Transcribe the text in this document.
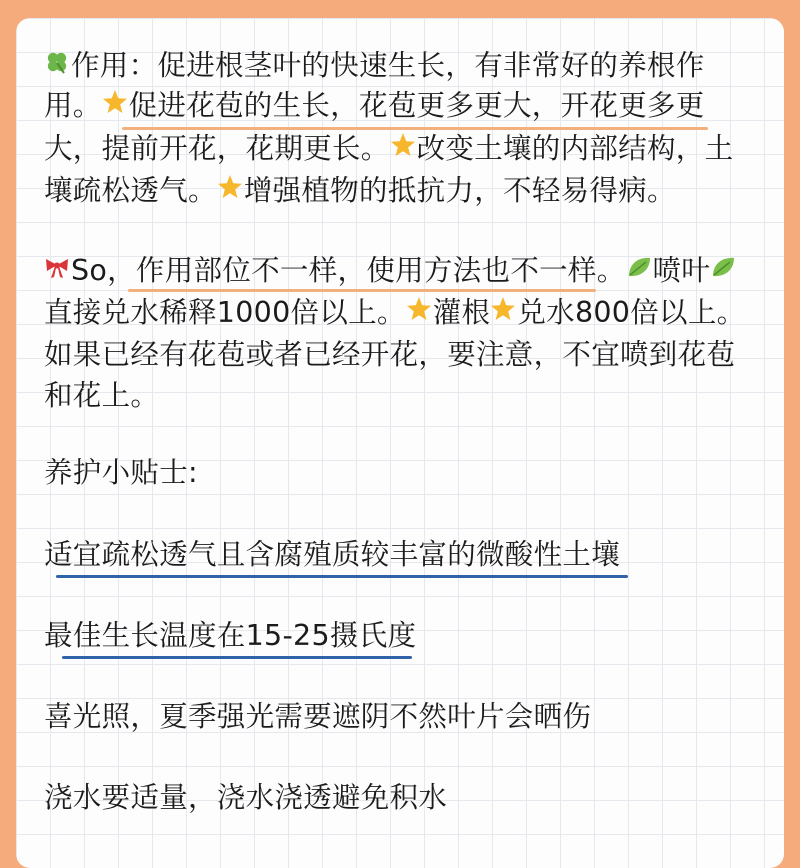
作用：促进根茎叶的快速生长，有非常好的养根作
用。 促进花苞的生长，花苞更多更大，开花更多更
大，提前开花，花期更长。 改变土壤的内部结构，土
壤疏松透气。 增强植物的抵抗力，不轻易得病。
So，作用部位不一样，使用方法也不一样。 喷叶
直接兑水稀释1000倍以上。 灌根 兑水800倍以上。
如果已经有花苞或者已经开花，要注意，不宜喷到花苞
和花上。
养护小贴士:
适宜疏松透气且含腐殖质较丰富的微酸性土壤
最佳生长温度在15-25摄氏度
喜光照，夏季强光需要遮阴不然叶片会晒伤
浇水要适量，浇水浇透避免积水
